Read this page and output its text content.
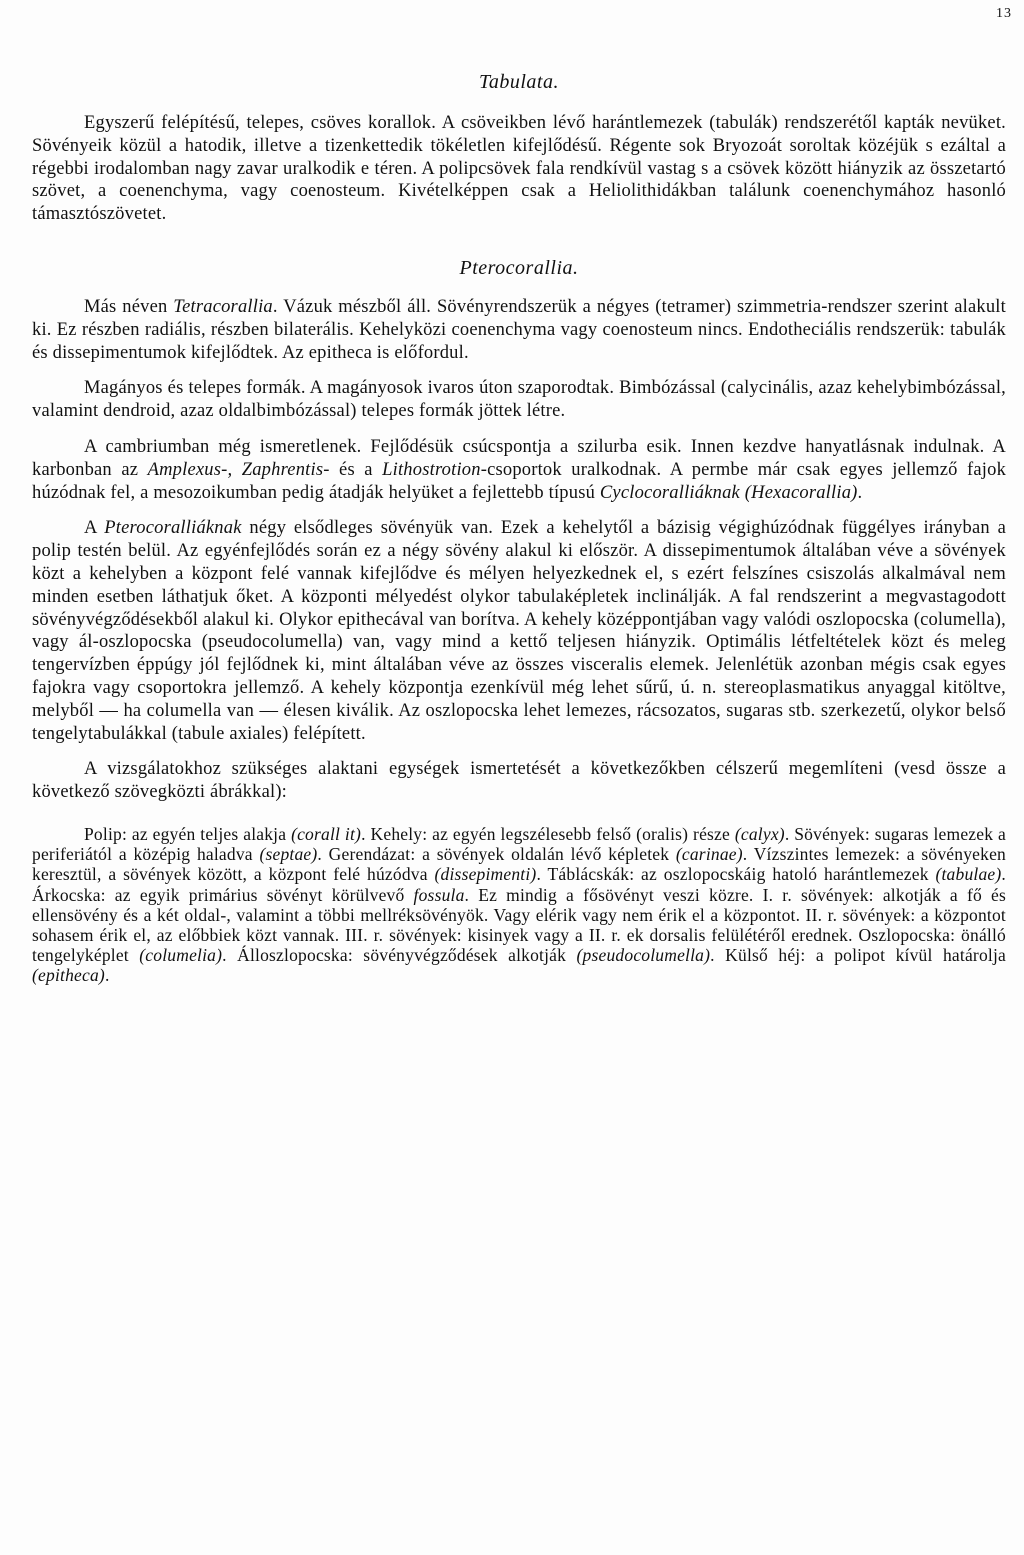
13
Tabulata.

Egyszerű felépítésű, telepes, csöves korallok. A csöveikben lévő harántlemezek (tabulák) rendszerétől kapták nevüket. Sövényeik közül a hatodik, illetve a tizenkettedik tökéletlen kifejlődésű. Régente sok Bryozoát soroltak közéjük s ezáltal a régebbi irodalomban nagy zavar uralkodik e téren. A polipcsövek fala rendkívül vastag s a csövek között hiányzik az összetartó szövet, a coenenchyma, vagy coenosteum. Kivételképpen csak a Heliolithidákban találunk coenenchymához hasonló támasztószövetet.

Pterocorallia.

Más néven Tetracorallia. Vázuk mészből áll. Sövényrendszerük a négyes (tetramer) szimmetria-rendszer szerint alakult ki. Ez részben radiális, részben bilaterális. Kehelyközi coenenchyma vagy coenosteum nincs. Endotheciális rendszerük: tabulák és dissepimentumok kifejlődtek. Az epitheca is előfordul.

Magányos és telepes formák. A magányosok ivaros úton szaporodtak. Bimbózással (calycinális, azaz kehelybimbózással, valamint dendroid, azaz oldalbimbózással) telepes formák jöttek létre.

A cambriumban még ismeretlenek. Fejlődésük csúcspontja a szilurba esik. Innen kezdve hanyatlásnak indulnak. A karbonban az Amplexus-, Zaphrentis- és a Lithostrotion-csoportok uralkodnak. A permbe már csak egyes jellemző fajok húzódnak fel, a mesozoikumban pedig átadják helyüket a fejlettebb típusú Cyclocoralliáknak (Hexacorallia).

A Pterocoralliáknak négy elsődleges sövényük van. Ezek a kehelytől a bázisig végighúzódnak függélyes irányban a polip testén belül. Az egyénfejlődés során ez a négy sövény alakul ki először. A dissepimentumok általában véve a sövények közt a kehelyben a központ felé vannak kifejlődve és mélyen helyezkednek el, s ezért felszínes csiszolás alkalmával nem minden esetben láthatjuk őket. A központi mélyedést olykor tabulaképletek inclinálják. A fal rendszerint a megvastagodott sövényvégződésekből alakul ki. Olykor epithecával van borítva. A kehely középpontjában vagy valódi oszlopocska (columella), vagy ál-oszlopocska (pseudocolumella) van, vagy mind a kettő teljesen hiányzik. Optimális létfeltételek közt és meleg tengervízben éppúgy jól fejlődnek ki, mint általában véve az összes visceralis elemek. Jelenlétük azonban mégis csak egyes fajokra vagy csoportokra jellemző. A kehely központja ezenkívül még lehet sűrű, ú. n. stereoplasmatikus anyaggal kitöltve, melyből — ha columella van — élesen kiválik. Az oszlopocska lehet lemezes, rácsozatos, sugaras stb. szerkezetű, olykor belső tengelytabulákkal (tabule axiales) felépített.

A vizsgálatokhoz szükséges alaktani egységek ismertetését a következőkben célszerű megemlíteni (vesd össze a következő szövegközti ábrákkal):

Polip: az egyén teljes alakja (corall it). Kehely: az egyén legszélesebb felső (oralis) része (calyx). Sövények: sugaras lemezek a periferiától a középig haladva (septae). Gerendázat: a sövények oldalán lévő képletek (carinae). Vízszintes lemezek: a sövényeken keresztül, a sövények között, a központ felé húzódva (dissepimenti). Táblácskák: az oszlopocskáig hatoló harántlemezek (tabulae). Árkocska: az egyik primárius sövényt körülvevő fossula. Ez mindig a fősövényt veszi közre. I. r. sövények: alkotják a fő és ellensövény és a két oldal-, valamint a többi mellréksövényök. Vagy elérik vagy nem érik el a központot. II. r. sövények: a központot sohasem érik el, az előbbiek közt vannak. III. r. sövények: kisinyek vagy a II. r. ek dorsalis felülétéről erednek. Oszlopocska: önálló tengelyképlet (columelia). Álloszlopocska: sövényvégződések alkotják (pseudocolumella). Külső héj: a polipot kívül határolja (epitheca).
